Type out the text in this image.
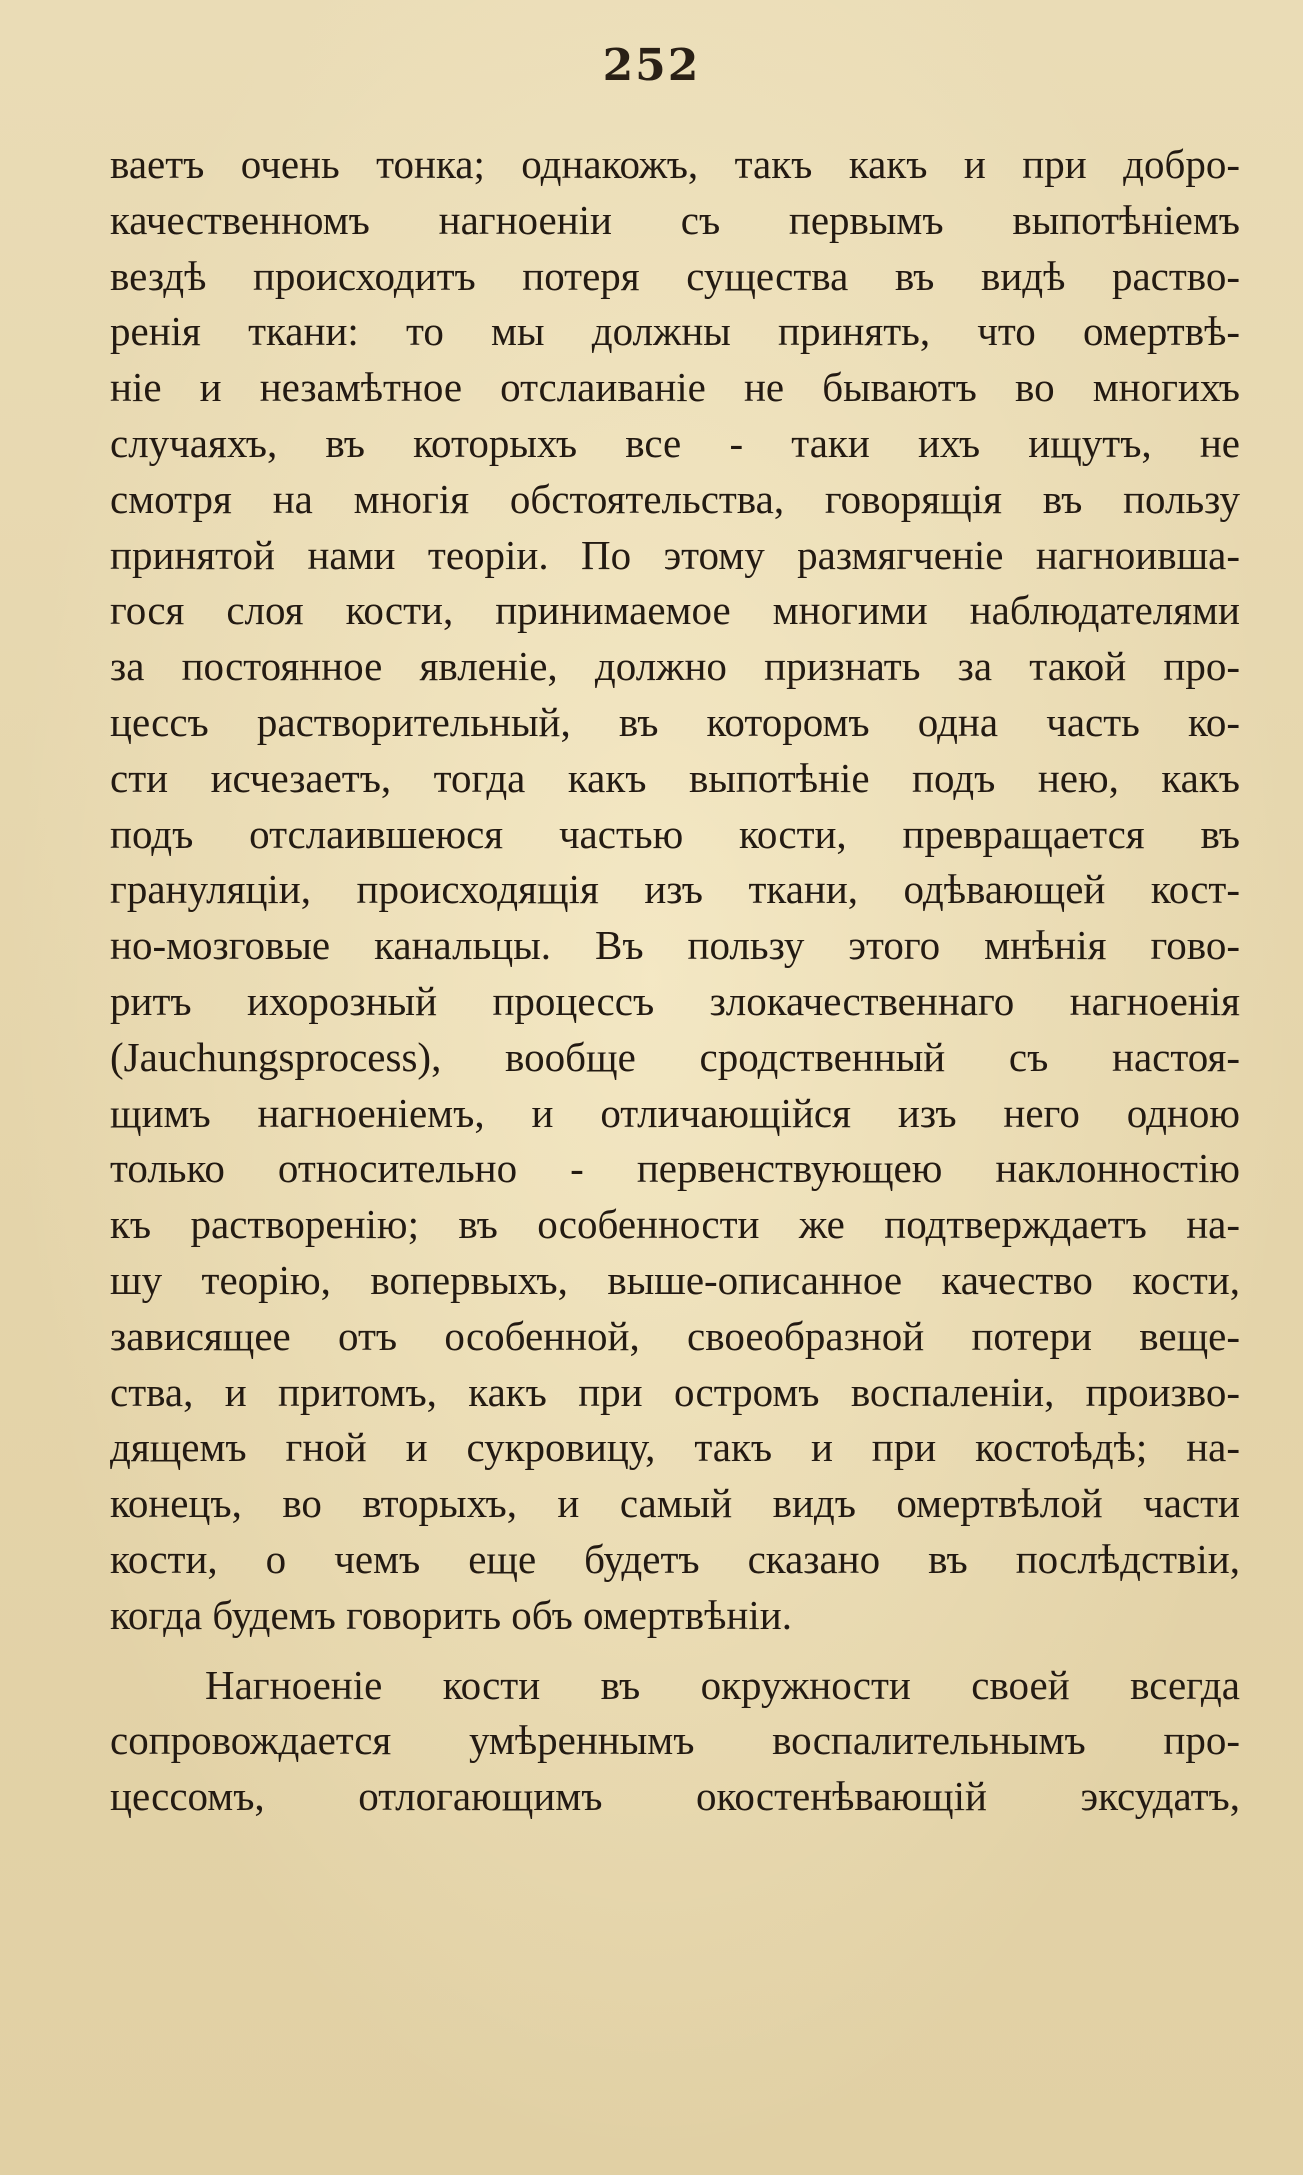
252
ваетъ очень тонка; однакожъ, такъ какъ и при добро-
качественномъ нагноеніи съ первымъ выпотѣніемъ
вездѣ происходитъ потеря существа въ видѣ раство-
ренія ткани: то мы должны принять, что омертвѣ-
ніе и незамѣтное отслаиваніе не бываютъ во многихъ
случаяхъ, въ которыхъ все - таки ихъ ищутъ, не
смотря на многія обстоятельства, говорящія въ пользу
принятой нами теоріи. По этому размягченіе нагноивша-
гося слоя кости, принимаемое многими наблюдателями
за постоянное явленіе, должно признать за такой про-
цессъ растворительный, въ которомъ одна часть ко-
сти исчезаетъ, тогда какъ выпотѣніе подъ нею, какъ
подъ отслаившеюся частью кости, превращается въ
грануляціи, происходящія изъ ткани, одѣвающей кост-
но-мозговые канальцы. Въ пользу этого мнѣнія гово-
ритъ ихорозный процессъ злокачественнаго нагноенія
(Jauchungsprocess), вообще сродственный съ настоя-
щимъ нагноеніемъ, и отличающійся изъ него одною
только относительно - первенствующею наклонностію
къ растворенію; въ особенности же подтверждаетъ на-
шу теорію, вопервыхъ, выше-описанное качество кости,
зависящее отъ особенной, своеобразной потери веще-
ства, и притомъ, какъ при остромъ воспаленіи, произво-
дящемъ гной и сукровицу, такъ и при костоѣдѣ; на-
конецъ, во вторыхъ, и самый видъ омертвѣлой части
кости, о чемъ еще будетъ сказано въ послѣдствіи,
когда будемъ говорить объ омертвѣніи.
Нагноеніе кости въ окружности своей всегда
сопровождается умѣреннымъ воспалительнымъ про-
цессомъ, отлогающимъ окостенѣвающій эксудатъ,
